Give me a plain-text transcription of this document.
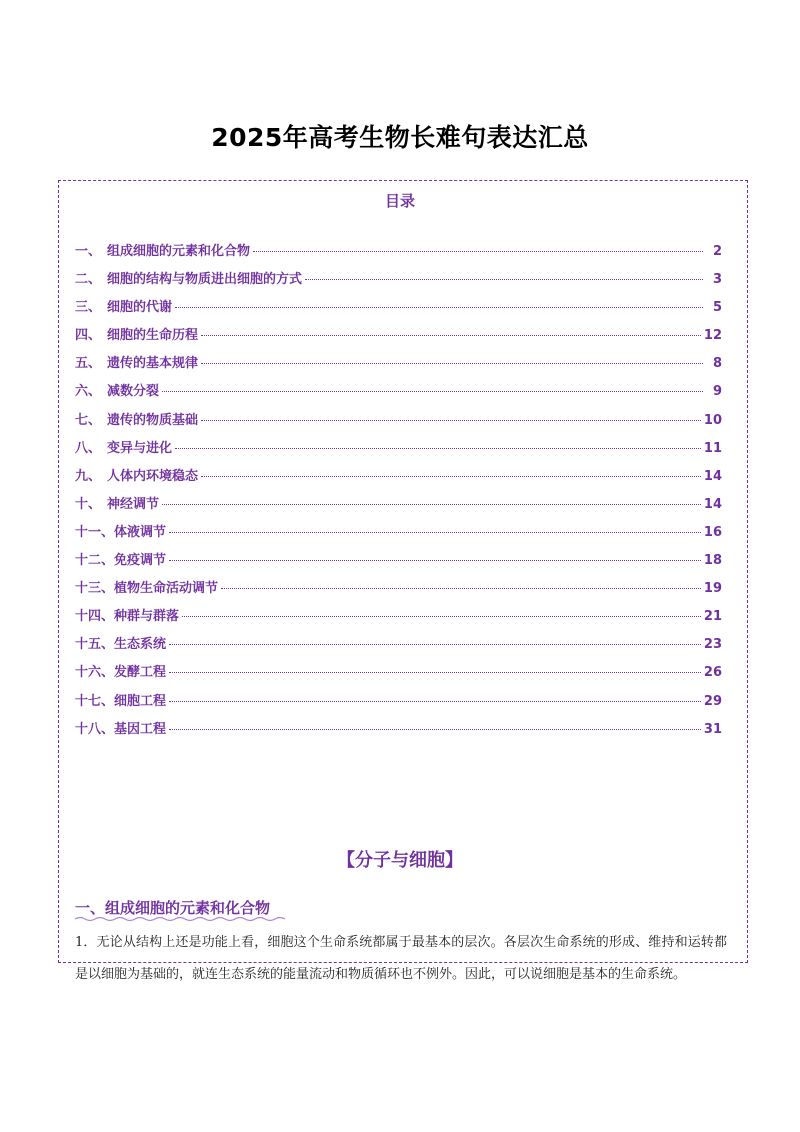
2025年高考生物长难句表达汇总
目录
一、 组成细胞的元素和化合物	2
二、 细胞的结构与物质进出细胞的方式	3
三、 细胞的代谢	5
四、 细胞的生命历程	12
五、 遗传的基本规律	8
六、 减数分裂	9
七、 遗传的物质基础	10
八、 变异与进化	11
九、 人体内环境稳态	14
十、 神经调节	14
十一、 体液调节	16
十二、 免疫调节	18
十三、 植物生命活动调节	19
十四、 种群与群落	21
十五、 生态系统	23
十六、 发酵工程	26
十七、 细胞工程	29
十八、 基因工程	31
【分子与细胞】
一、组成细胞的元素和化合物

1．无论从结构上还是功能上看，细胞这个生命系统都属于最基本的层次。各层次生命系统的形成、维持和运转都是以细胞为基础的，就连生态系统的能量流动和物质循环也不例外。因此，可以说细胞是基本的生命系统。
